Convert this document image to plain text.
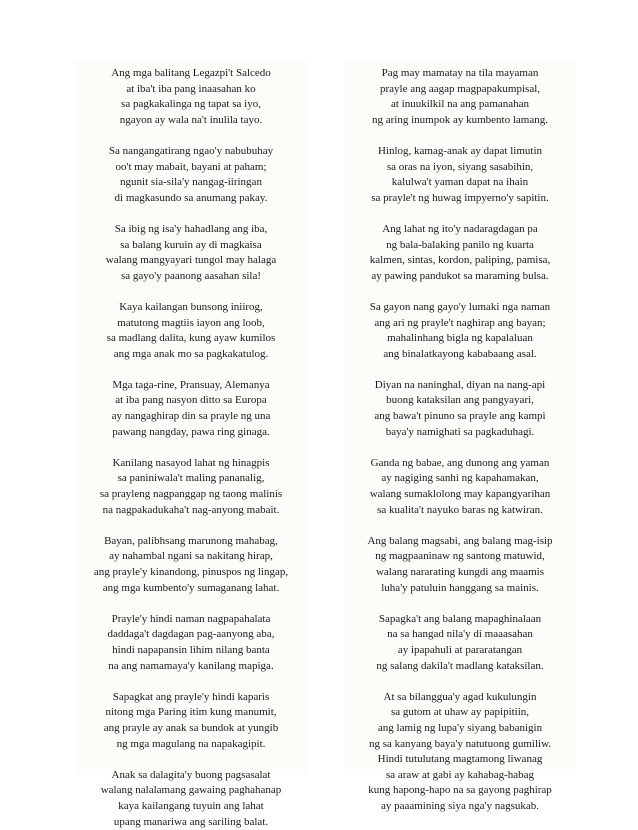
Ang mga balitang Legazpi't Salcedo
at iba't iba pang inaasahan ko
sa pagkakalinga ng tapat sa iyo,
ngayon ay wala na't inulila tayo.

Sa nangangatirang ngao'y nabubuhay
oo't may mabait, bayani at paham;
ngunit sia-sila'y nangag-iiringan
di magkasundo sa anumang pakay.

Sa ibig ng isa'y hahadlang ang iba,
sa balang kuruin ay di magkaisa
walang mangyayari tungol may halaga
sa gayo'y paanong aasahan sila!

Kaya kailangan bunsong iniirog,
matutong magtiis iayon ang loob,
sa madlang dalita, kung ayaw kumilos
ang mga anak mo sa pagkakatulog.

Mga taga-rine, Pransuay, Alemanya
at iba pang nasyon ditto sa Europa
ay nangaghirap din sa prayle ng una
pawang nangday, pawa ring ginaga.

Kanilang nasayod lahat ng hinagpis
sa paniniwala't maling pananalig,
sa prayleng nagpanggap ng taong malinis
na nagpakadukaha't nag-anyong mabait.

Bayan, palibhsang marunong mahabag,
ay nahambal ngani sa nakitang hirap,
ang prayle'y kinandong, pinuspos ng lingap,
ang mga kumbento'y sumaganang lahat.

Prayle'y hindi naman nagpapahalata
daddaga't dagdagan pag-aanyong aba,
hindi napapansin lihim nilang banta
na ang namamaya'y kanilang mapiga.

Sapagkat ang prayle'y hindi kaparis
nitong mga Paring itim kung manumit,
ang prayle ay anak sa bundok at yungib
ng mga magulang na napakagipit.

Anak sa dalagita'y buong pagsasalat
walang nalalamang gawaing paghahanap
kaya kailangang tuyuin ang lahat
upang manariwa ang sariling balat.

Pag may mamatay na tila mayaman
prayle ang aagap magpapakumpisal,
at inuukilkil na ang pamanahan
ng aring inumpok ay kumbento lamang.

Hinlog, kamag-anak ay dapat limutin
sa oras na iyon, siyang sasabihin,
kalulwa't yaman dapat na ihain
sa prayle't ng huwag impyerno'y sapitin.

Ang lahat ng ito'y nadaragdagan pa
ng bala-balaking panilo ng kuarta
kalmen, sintas, kordon, paliping, pamisa,
ay pawing pandukot sa maraming bulsa.

Sa gayon nang gayo'y lumaki nga naman
ang ari ng prayle't naghirap ang bayan;
mahalinhang bigla ng kapalaluan
ang binalatkayong kababaang asal.

Diyan na naninghal, diyan na nang-api
buong kataksilan ang pangyayari,
ang bawa't pinuno sa prayle ang kampi
baya'y namighati sa pagkaduhagi.

Ganda ng babae, ang dunong ang yaman
ay nagiging sanhi ng kapahamakan,
walang sumaklolong may kapangyarihan
sa kualita't nayuko baras ng katwiran.

Ang balang magsabi, ang balang mag-isip
ng magpaaninaw ng santong matuwid,
walang nararating kungdi ang maamis
luha'y patuluin hanggang sa mainis.

Sapagka't ang balang mapaghinalaan
na sa hangad nila'y di maaasahan
ay ipapahuli at pararatangan
ng salang dakila't madlang kataksilan.

At sa bilanggua'y agad kukulungin
sa gutom at uhaw ay papipitiin,
ang lamig ng lupa'y siyang babanigin
ng sa kanyang baya'y natutuong gumiliw.
Hindi tutulutang magtamong liwanag
sa araw at gabi ay kahabag-habag
kung hapong-hapo na sa gayong paghirap
ay paaamining siya nga'y nagsukab.
